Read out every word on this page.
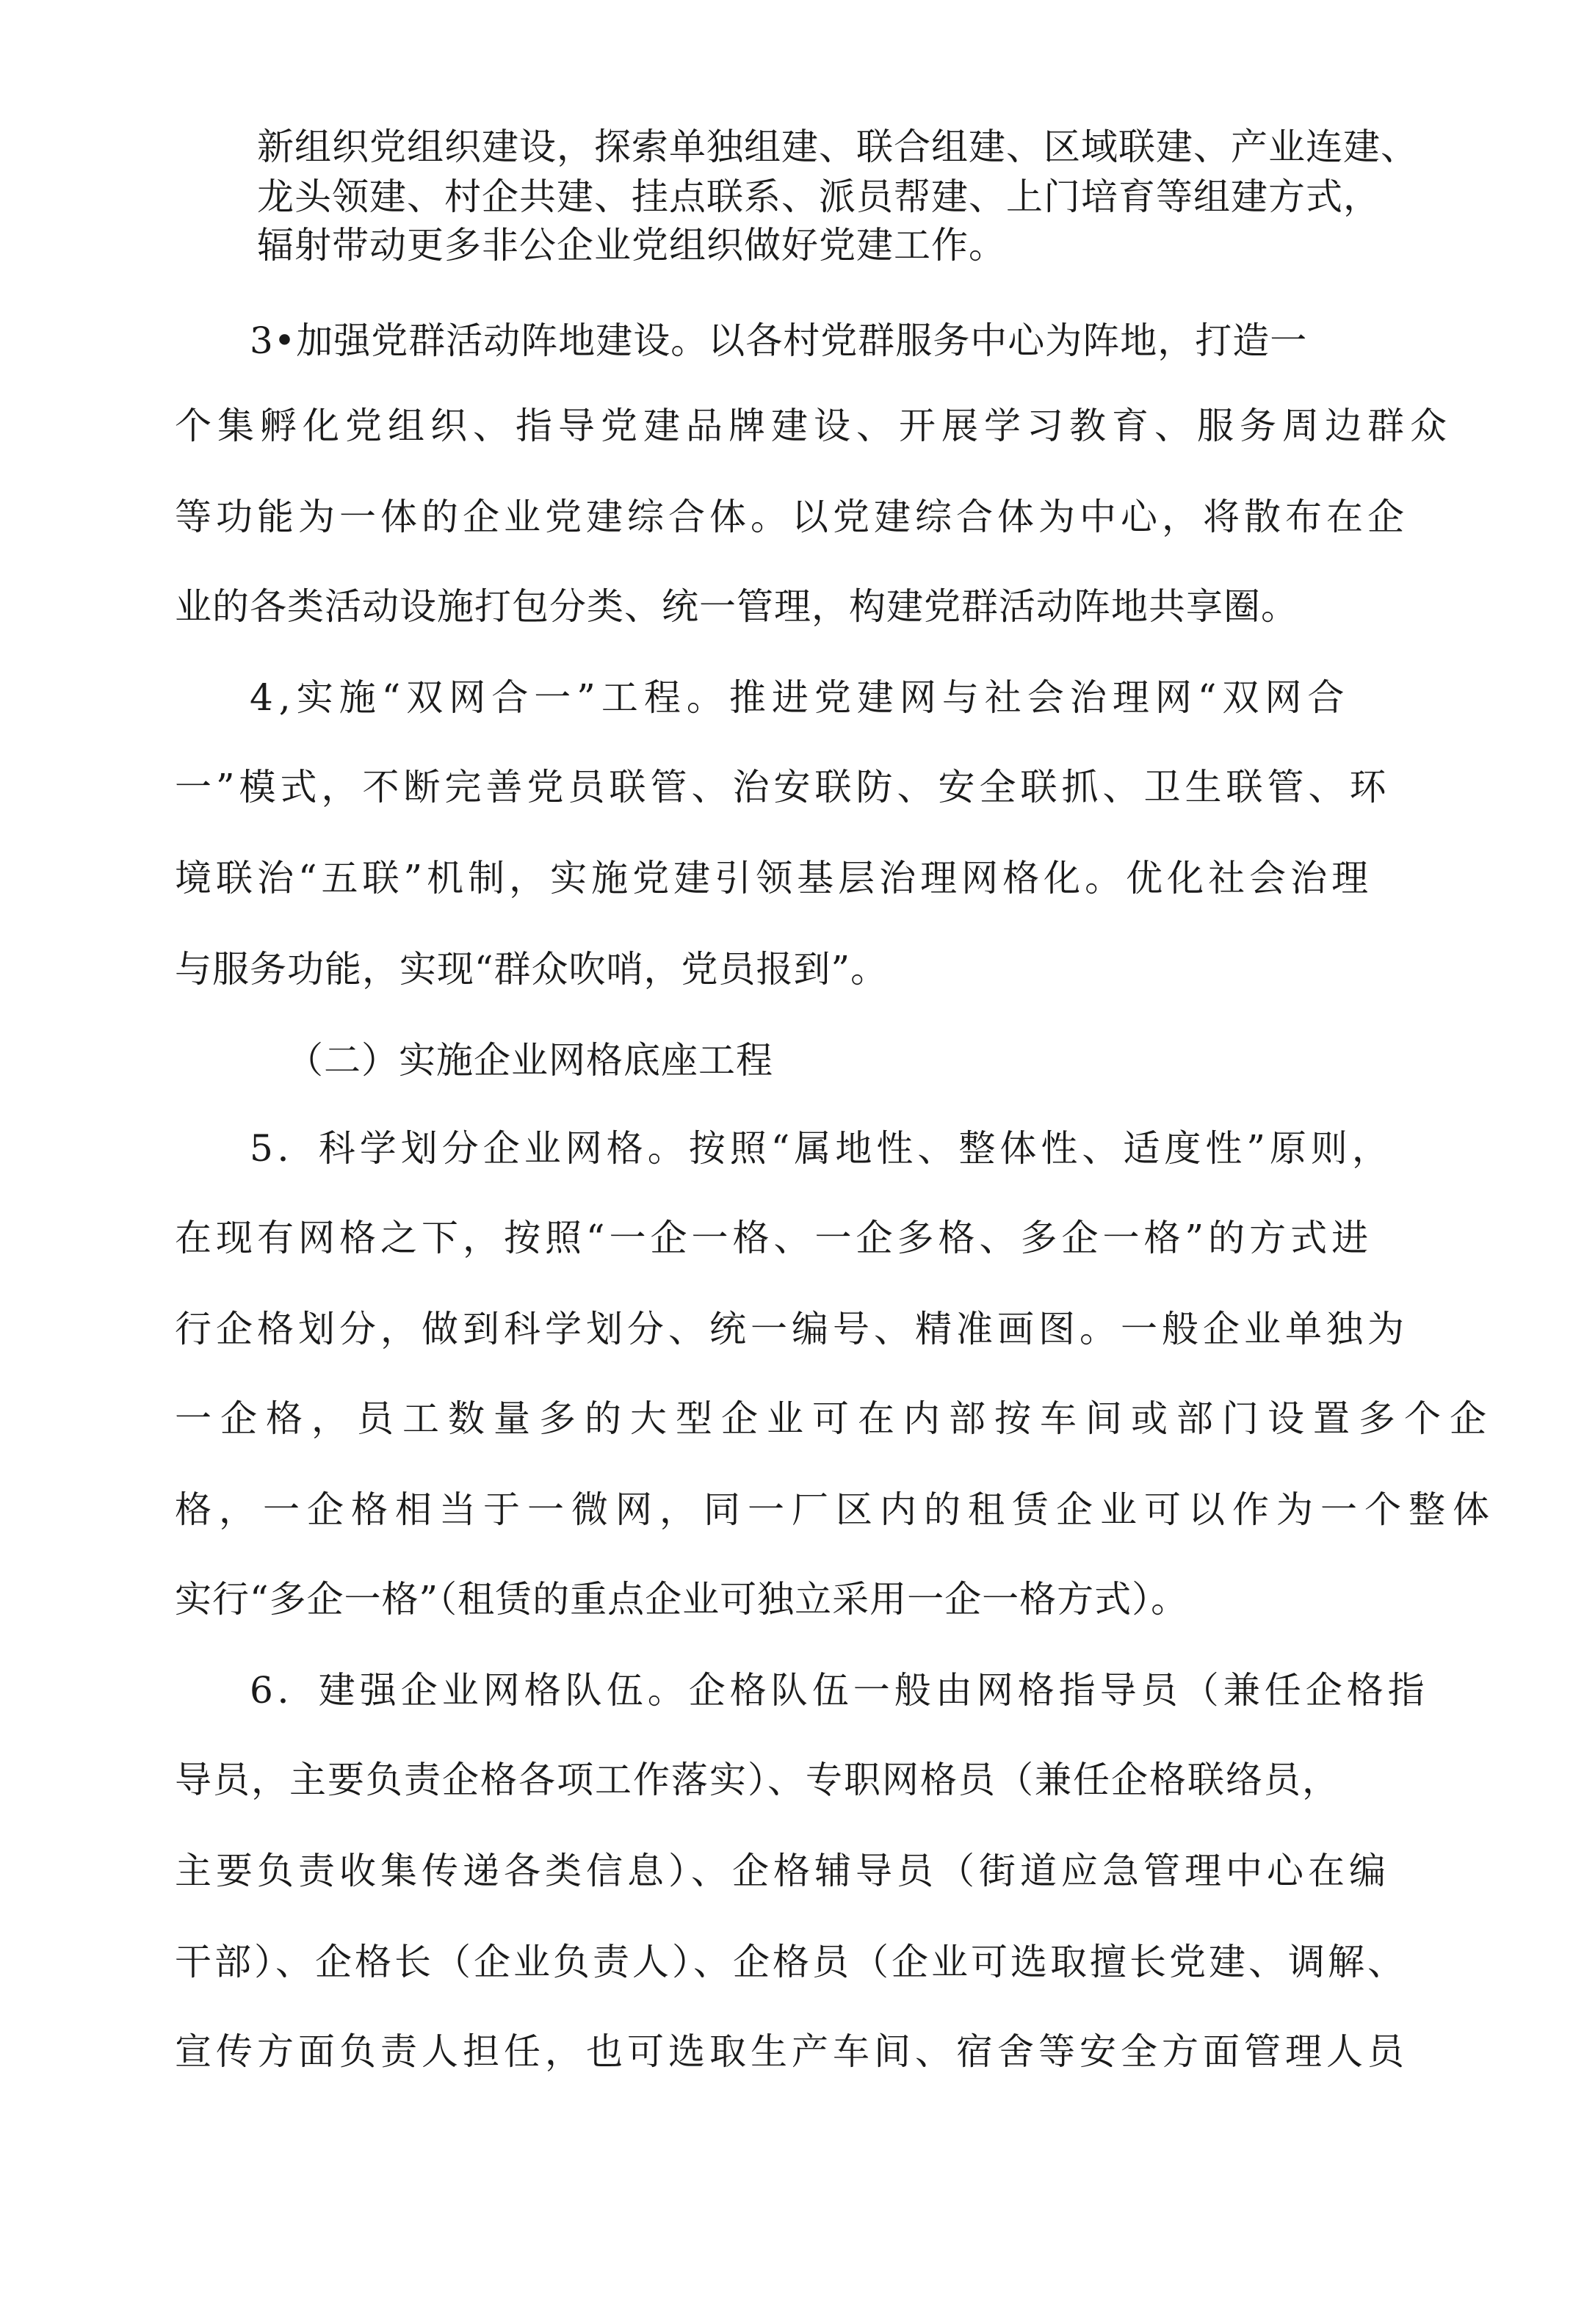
新组织党组织建设，探索单独组建、联合组建、区域联建、产业连建、
龙头领建、村企共建、挂点联系、派员帮建、上门培育等组建方式，
辐射带动更多非公企业党组织做好党建工作。
3•加强党群活动阵地建设。以各村党群服务中心为阵地，打造一
个集孵化党组织、指导党建品牌建设、开展学习教育、服务周边群众
等功能为一体的企业党建综合体。以党建综合体为中心，将散布在企
业的各类活动设施打包分类、统一管理，构建党群活动阵地共享圈。
4,实施“双网合一”工程。推进党建网与社会治理网“双网合
一”模式，不断完善党员联管、治安联防、安全联抓、卫生联管、环
境联治“五联”机制，实施党建引领基层治理网格化。优化社会治理
与服务功能，实现“群众吹哨，党员报到”。
（二）实施企业网格底座工程
5．科学划分企业网格。按照“属地性、整体性、适度性”原则，
在现有网格之下，按照“一企一格、一企多格、多企一格”的方式进
行企格划分，做到科学划分、统一编号、精准画图。一般企业单独为
一企格，员工数量多的大型企业可在内部按车间或部门设置多个企
格，一企格相当于一微网，同一厂区内的租赁企业可以作为一个整体
实行“多企一格”（租赁的重点企业可独立采用一企一格方式）。
6．建强企业网格队伍。企格队伍一般由网格指导员（兼任企格指
导员，主要负责企格各项工作落实）、专职网格员（兼任企格联络员，
主要负责收集传递各类信息）、企格辅导员（街道应急管理中心在编
干部）、企格长（企业负责人）、企格员（企业可选取擅长党建、调解、
宣传方面负责人担任，也可选取生产车间、宿舍等安全方面管理人员
